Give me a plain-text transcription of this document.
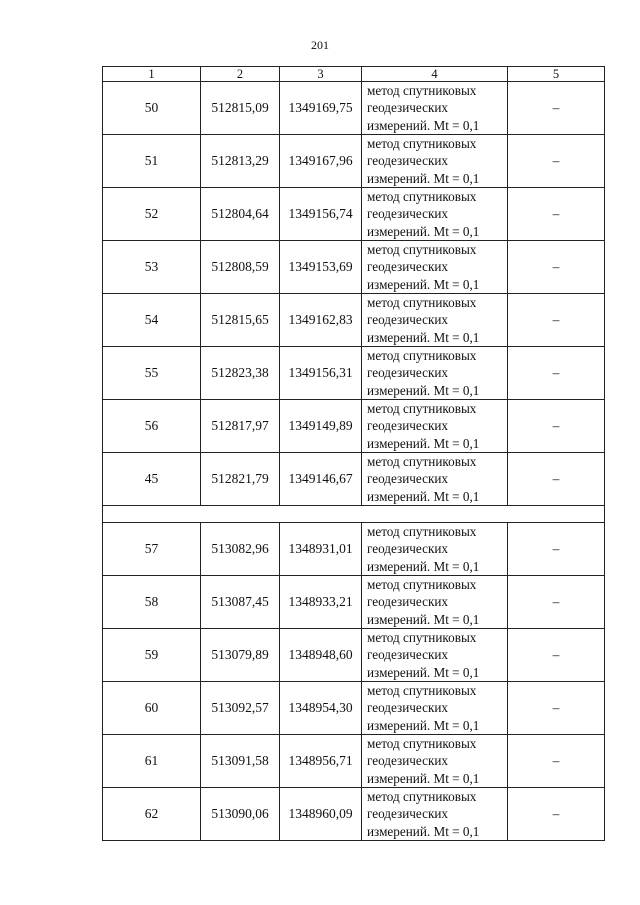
201
1	2	3	4	5
50	512815,09	1349169,75	метод спутниковых
геодезических
измерений. Mt = 0,1	–
51	512813,29	1349167,96	метод спутниковых
геодезических
измерений. Mt = 0,1	–
52	512804,64	1349156,74	метод спутниковых
геодезических
измерений. Mt = 0,1	–
53	512808,59	1349153,69	метод спутниковых
геодезических
измерений. Mt = 0,1	–
54	512815,65	1349162,83	метод спутниковых
геодезических
измерений. Mt = 0,1	–
55	512823,38	1349156,31	метод спутниковых
геодезических
измерений. Mt = 0,1	–
56	512817,97	1349149,89	метод спутниковых
геодезических
измерений. Mt = 0,1	–
45	512821,79	1349146,67	метод спутниковых
геодезических
измерений. Mt = 0,1	–

57	513082,96	1348931,01	метод спутниковых
геодезических
измерений. Mt = 0,1	–
58	513087,45	1348933,21	метод спутниковых
геодезических
измерений. Mt = 0,1	–
59	513079,89	1348948,60	метод спутниковых
геодезических
измерений. Mt = 0,1	–
60	513092,57	1348954,30	метод спутниковых
геодезических
измерений. Mt = 0,1	–
61	513091,58	1348956,71	метод спутниковых
геодезических
измерений. Mt = 0,1	–
62	513090,06	1348960,09	метод спутниковых
геодезических
измерений. Mt = 0,1	–
